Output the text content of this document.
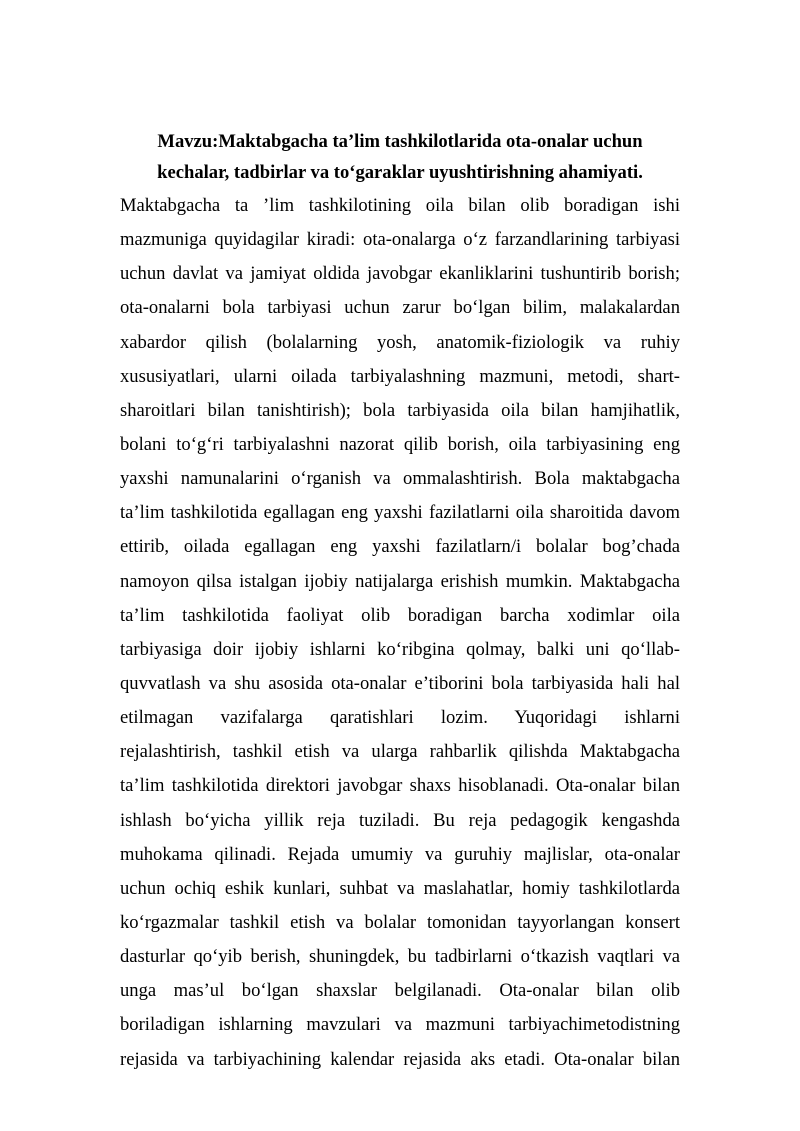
Mavzu:Maktabgacha ta’lim tashkilotlarida ota-onalar uchun
kechalar, tadbirlar va to‘garaklar uyushtirishning ahamiyati.
Maktabgacha ta ’lim tashkilotining oila bilan olib boradigan ishi
mazmuniga quyidagilar kiradi: ota-onalarga o‘z farzandlarining tarbiyasi
uchun davlat va jamiyat oldida javobgar ekanliklarini tushuntirib borish;
ota-onalarni bola tarbiyasi uchun zarur bo‘lgan bilim, malakalardan
xabardor qilish (bolalarning yosh, anatomik-fiziologik va ruhiy
xususiyatlari, ularni oilada tarbiyalashning mazmuni, metodi, shart-
sharoitlari bilan tanishtirish); bola tarbiyasida oila bilan hamjihatlik,
bolani to‘g‘ri tarbiyalashni nazorat qilib borish, oila tarbiyasining eng
yaxshi namunalarini o‘rganish va ommalashtirish. Bola maktabgacha
ta’lim tashkilotida egallagan eng yaxshi fazilatlarni oila sharoitida davom
ettirib, oilada egallagan eng yaxshi fazilatlarn/i bolalar bog’chada
namoyon qilsa istalgan ijobiy natijalarga erishish mumkin. Maktabgacha
ta’lim tashkilotida faoliyat olib boradigan barcha xodimlar oila
tarbiyasiga doir ijobiy ishlarni ko‘ribgina qolmay, balki uni qo‘llab-
quvvatlash va shu asosida ota-onalar e’tiborini bola tarbiyasida hali hal
etilmagan vazifalarga qaratishlari lozim. Yuqoridagi ishlarni
rejalashtirish, tashkil etish va ularga rahbarlik qilishda Maktabgacha
ta’lim tashkilotida direktori javobgar shaxs hisoblanadi. Ota-onalar bilan
ishlash bo‘yicha yillik reja tuziladi. Bu reja pedagogik kengashda
muhokama qilinadi. Rejada umumiy va guruhiy majlislar, ota-onalar
uchun ochiq eshik kunlari, suhbat va maslahatlar, homiy tashkilotlarda
ko‘rgazmalar tashkil etish va bolalar tomonidan tayyorlangan konsert
dasturlar qo‘yib berish, shuningdek, bu tadbirlarni o‘tkazish vaqtlari va
unga mas’ul bo‘lgan shaxslar belgilanadi. Ota-onalar bilan olib
boriladigan ishlarning mavzulari va mazmuni tarbiyachimetodistning
rejasida va tarbiyachining kalendar rejasida aks etadi. Ota-onalar bilan
